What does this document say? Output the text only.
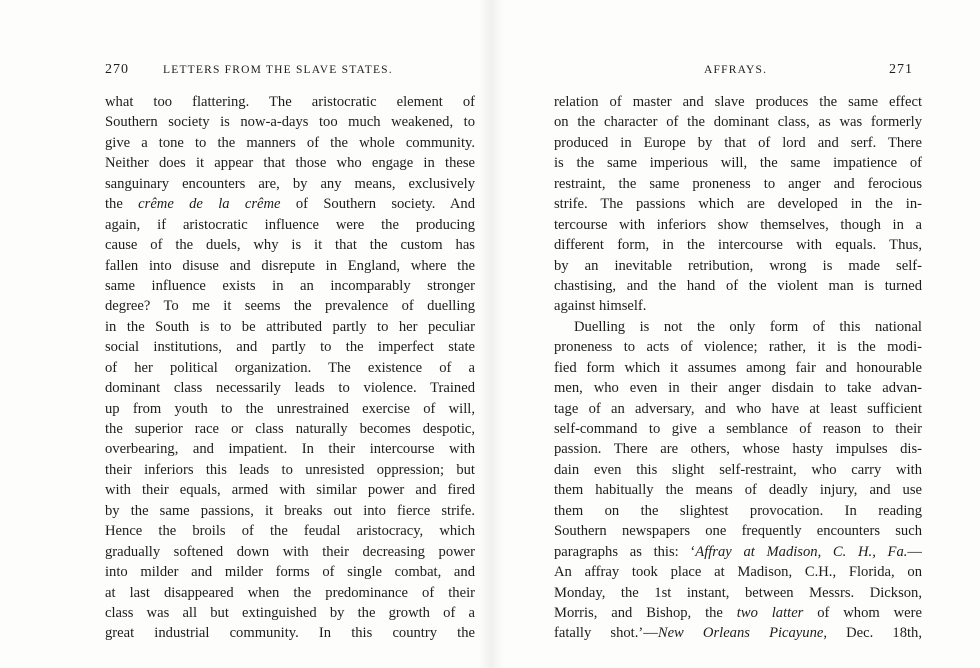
270	LETTERS FROM THE SLAVE STATES.
what too flattering. The aristocratic element of
Southern society is now-a-days too much weakened, to
give a tone to the manners of the whole community.
Neither does it appear that those who engage in these
sanguinary encounters are, by any means, exclusively
the crême de la crême of Southern society. And
again, if aristocratic influence were the producing
cause of the duels, why is it that the custom has
fallen into disuse and disrepute in England, where the
same influence exists in an incomparably stronger
degree? To me it seems the prevalence of duelling
in the South is to be attributed partly to her peculiar
social institutions, and partly to the imperfect state
of her political organization. The existence of a
dominant class necessarily leads to violence. Trained
up from youth to the unrestrained exercise of will,
the superior race or class naturally becomes despotic,
overbearing, and impatient. In their intercourse with
their inferiors this leads to unresisted oppression; but
with their equals, armed with similar power and fired
by the same passions, it breaks out into fierce strife.
Hence the broils of the feudal aristocracy, which
gradually softened down with their decreasing power
into milder and milder forms of single combat, and
at last disappeared when the predominance of their
class was all but extinguished by the growth of a
great industrial community. In this country the
AFFRAYS.	271
relation of master and slave produces the same effect
on the character of the dominant class, as was formerly
produced in Europe by that of lord and serf. There
is the same imperious will, the same impatience of
restraint, the same proneness to anger and ferocious
strife. The passions which are developed in the in-
tercourse with inferiors show themselves, though in a
different form, in the intercourse with equals. Thus,
by an inevitable retribution, wrong is made self-
chastising, and the hand of the violent man is turned
against himself.
Duelling is not the only form of this national
proneness to acts of violence; rather, it is the modi-
fied form which it assumes among fair and honourable
men, who even in their anger disdain to take advan-
tage of an adversary, and who have at least sufficient
self-command to give a semblance of reason to their
passion. There are others, whose hasty impulses dis-
dain even this slight self-restraint, who carry with
them habitually the means of deadly injury, and use
them on the slightest provocation. In reading
Southern newspapers one frequently encounters such
paragraphs as this: ‘Affray at Madison, C. H., Fa.—
An affray took place at Madison, C.H., Florida, on
Monday, the 1st instant, between Messrs. Dickson,
Morris, and Bishop, the two latter of whom were
fatally shot.’—New Orleans Picayune, Dec. 18th,
